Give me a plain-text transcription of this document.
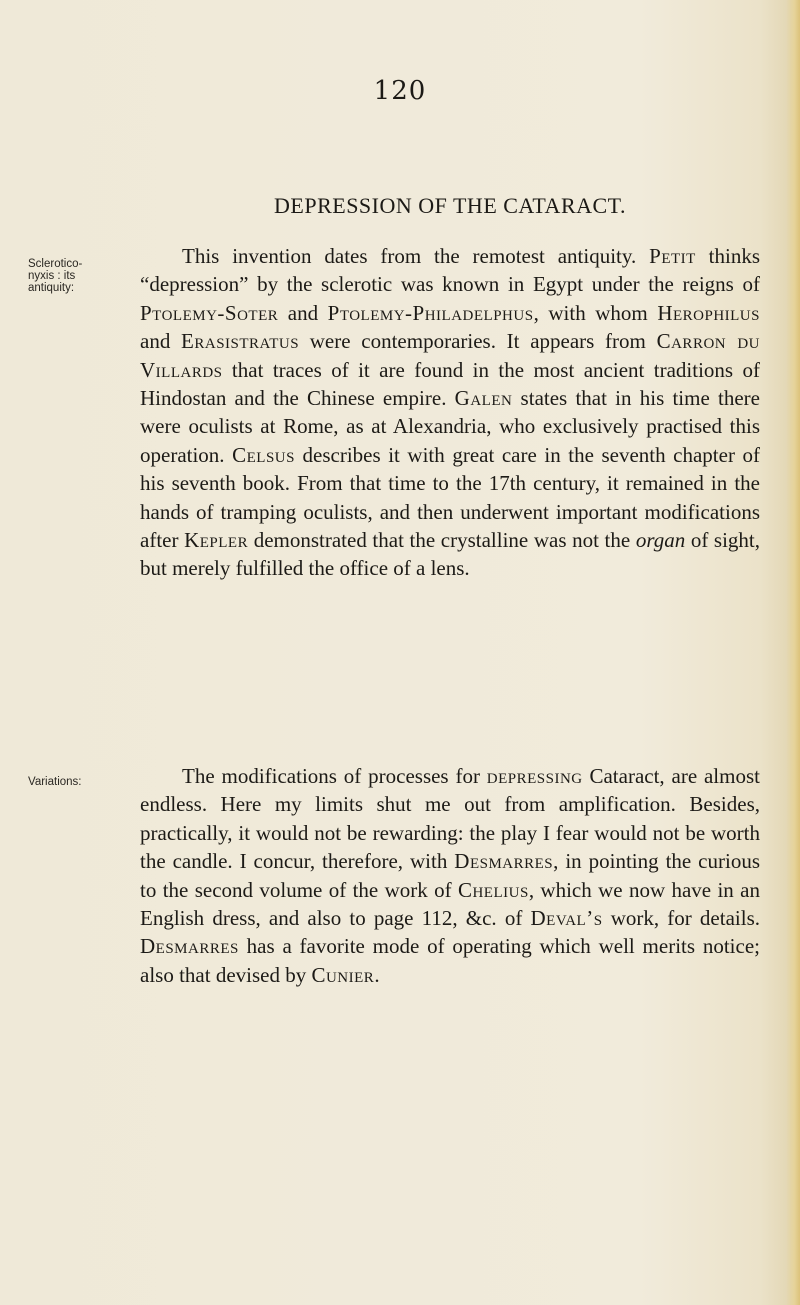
120
DEPRESSION OF THE CATARACT.
Sclerotico-nyxis : its antiquity:

This invention dates from the remotest antiquity. Petit thinks “depression” by the sclerotic was known in Egypt under the reigns of Ptolemy-Soter and Ptolemy-Philadelphus, with whom Herophilus and Erasistratus were contemporaries. It appears from Carron du Villards that traces of it are found in the most ancient traditions of Hindostan and the Chinese empire. Galen states that in his time there were oculists at Rome, as at Alexandria, who exclusively practised this operation. Celsus describes it with great care in the seventh chapter of his seventh book. From that time to the 17th century, it remained in the hands of tramping oculists, and then underwent important modifications after Kepler demonstrated that the crystalline was not the organ of sight, but merely fulfilled the office of a lens.

Variations:	The modifications of processes for depressing Cataract, are almost endless. Here my limits shut me out from amplification. Besides, practically, it would not be rewarding: the play I fear would not be worth the candle. I concur, therefore, with Desmarres, in pointing the curious to the second volume of the work of Chelius, which we now have in an English dress, and also to page 112, &c. of Deval’s work, for details. Desmarres has a favorite mode of operating which well merits notice; also that devised by Cunier.
